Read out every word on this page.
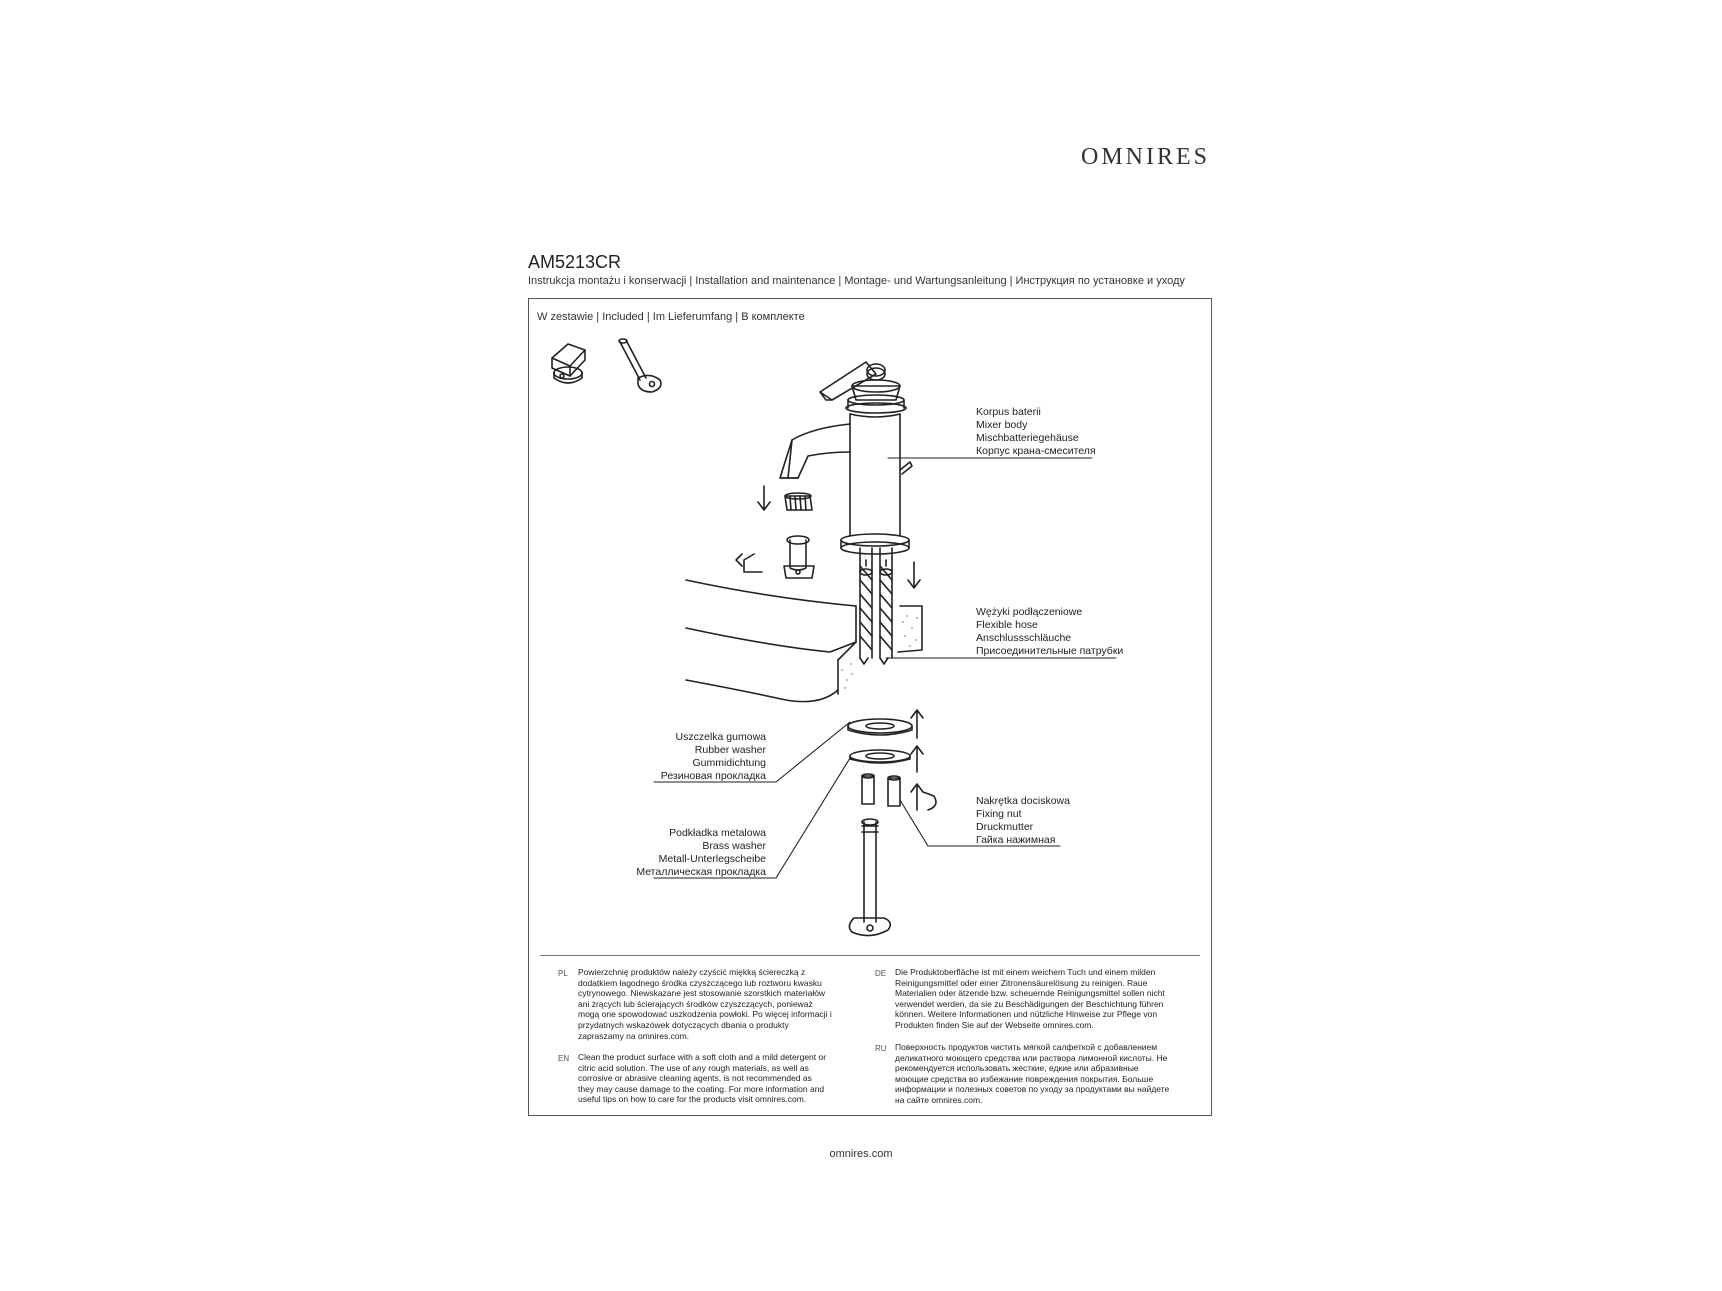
OMNIRES
AM5213CR
Instrukcja montażu i konserwacji | Installation and maintenance | Montage- und Wartungsanleitung | Инструкция по установке и уходу
W zestawie | Included | Im Lieferumfang | В комплекте
Korpus baterii
Mixer body
Mischbatteriegehäuse
Корпус крана-смесителя
Wężyki podłączeniowe
Flexible hose
Anschlussschläuche
Присоединительные патрубки
Uszczelka gumowa
Rubber washer
Gummidichtung
Резиновая прокладка
Podkładka metalowa
Brass washer
Metall-Unterlegscheibe
Металлическая прокладка
Nakrętka dociskowa
Fixing nut
Druckmutter
Гайка нажимная
PL Powierzchnię produktów należy czyścić miękką ściereczką z dodatkiem łagodnego środka czyszczącego lub roztworu kwasku cytrynowego. Niewskazane jest stosowanie szorstkich materiałów ani żrących lub ścierających środków czyszczących, ponieważ mogą one spowodować uszkodzenia powłoki. Po więcej informacji i przydatnych wskazówek dotyczących dbania o produkty zapraszamy na omnires.com.
EN Clean the product surface with a soft cloth and a mild detergent or citric acid solution. The use of any rough materials, as well as corrosive or abrasive cleaning agents, is not recommended as they may cause damage to the coating. For more information and useful tips on how to care for the products visit omnires.com.
DE Die Produktoberfläche ist mit einem weichem Tuch und einem milden Reinigungsmittel oder einer Zitronensäurelösung zu reinigen. Raue Materialien oder ätzende bzw. scheuernde Reinigungsmittel sollen nicht verwendet werden, da sie zu Beschädigungen der Beschichtung führen können. Weitere Informationen und nützliche Hinweise zur Pflege von Produkten finden Sie auf der Webseite omnires.com.
RU Поверхность продуктов чистить мягкой салфеткой с добавлением деликатного моющего средства или раствора лимонной кислоты. Не рекомендуется использовать жесткие, едкие или абразивные моющие средства во избежание повреждения покрытия. Больше информации и полезных советов по уходу за продуктами вы найдете на сайте omnires.com.
omnires.com
